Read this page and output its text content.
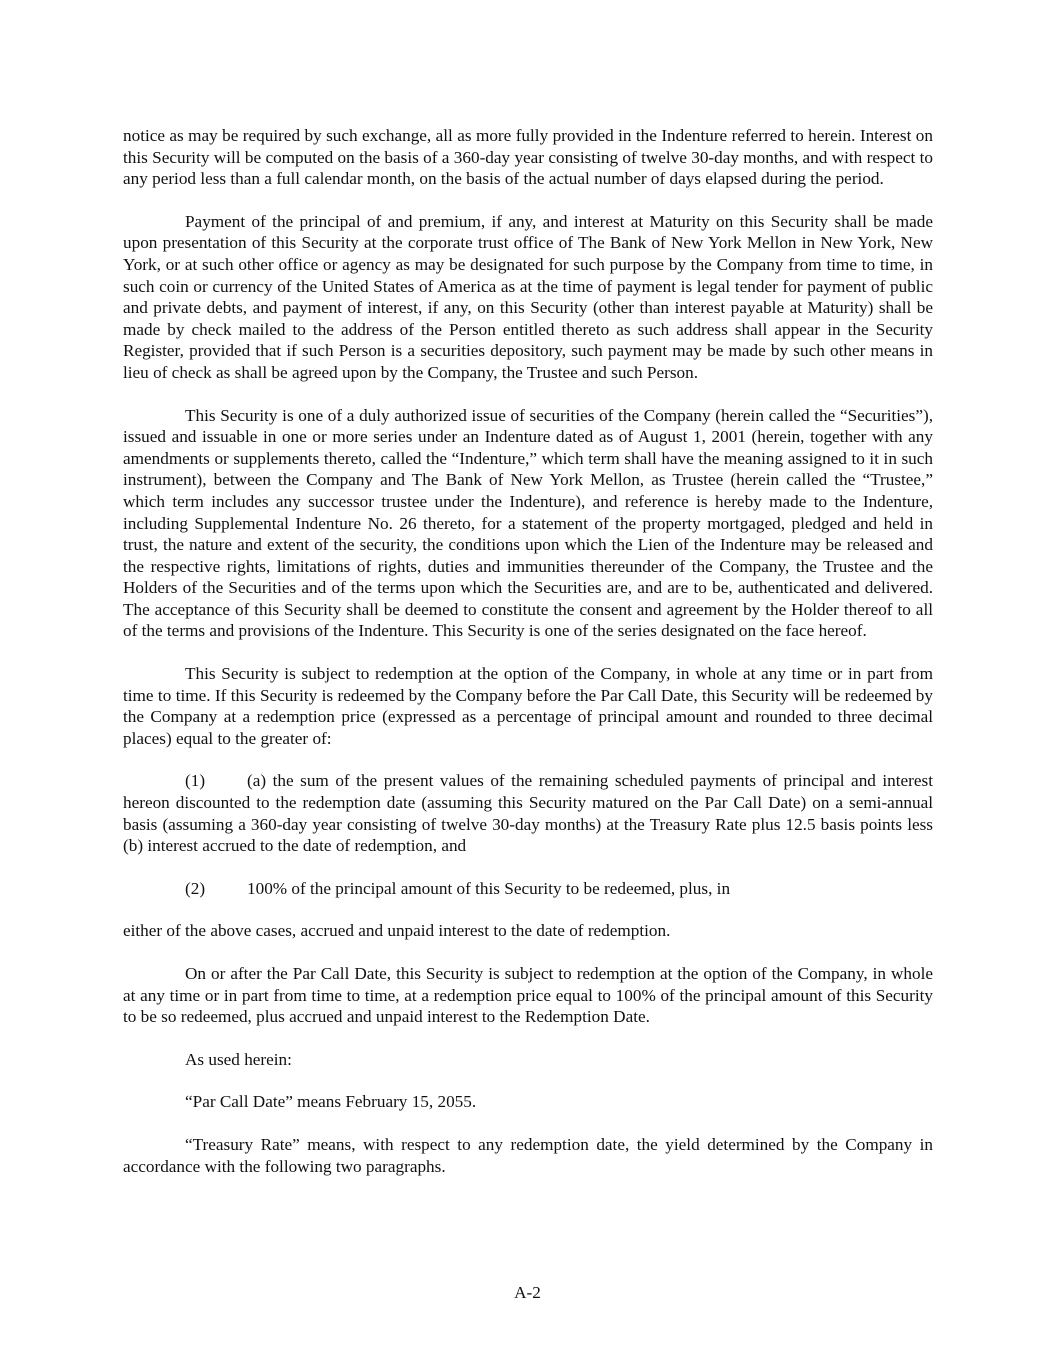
notice as may be required by such exchange, all as more fully provided in the Indenture referred to herein. Interest on this Security will be computed on the basis of a 360-day year consisting of twelve 30-day months, and with respect to any period less than a full calendar month, on the basis of the actual number of days elapsed during the period.

Payment of the principal of and premium, if any, and interest at Maturity on this Security shall be made upon presentation of this Security at the corporate trust office of The Bank of New York Mellon in New York, New York, or at such other office or agency as may be designated for such purpose by the Company from time to time, in such coin or currency of the United States of America as at the time of payment is legal tender for payment of public and private debts, and payment of interest, if any, on this Security (other than interest payable at Maturity) shall be made by check mailed to the address of the Person entitled thereto as such address shall appear in the Security Register, provided that if such Person is a securities depository, such payment may be made by such other means in lieu of check as shall be agreed upon by the Company, the Trustee and such Person.

This Security is one of a duly authorized issue of securities of the Company (herein called the “Securities”), issued and issuable in one or more series under an Indenture dated as of August 1, 2001 (herein, together with any amendments or supplements thereto, called the “Indenture,” which term shall have the meaning assigned to it in such instrument), between the Company and The Bank of New York Mellon, as Trustee (herein called the “Trustee,” which term includes any successor trustee under the Indenture), and reference is hereby made to the Indenture, including Supplemental Indenture No. 26 thereto, for a statement of the property mortgaged, pledged and held in trust, the nature and extent of the security, the conditions upon which the Lien of the Indenture may be released and the respective rights, limitations of rights, duties and immunities thereunder of the Company, the Trustee and the Holders of the Securities and of the terms upon which the Securities are, and are to be, authenticated and delivered. The acceptance of this Security shall be deemed to constitute the consent and agreement by the Holder thereof to all of the terms and provisions of the Indenture. This Security is one of the series designated on the face hereof.

This Security is subject to redemption at the option of the Company, in whole at any time or in part from time to time. If this Security is redeemed by the Company before the Par Call Date, this Security will be redeemed by the Company at a redemption price (expressed as a percentage of principal amount and rounded to three decimal places) equal to the greater of:

(1) (a) the sum of the present values of the remaining scheduled payments of principal and interest hereon discounted to the redemption date (assuming this Security matured on the Par Call Date) on a semi-annual basis (assuming a 360-day year consisting of twelve 30-day months) at the Treasury Rate plus 12.5 basis points less (b) interest accrued to the date of redemption, and

(2) 100% of the principal amount of this Security to be redeemed, plus, in

either of the above cases, accrued and unpaid interest to the date of redemption.

On or after the Par Call Date, this Security is subject to redemption at the option of the Company, in whole at any time or in part from time to time, at a redemption price equal to 100% of the principal amount of this Security to be so redeemed, plus accrued and unpaid interest to the Redemption Date.

As used herein:

“Par Call Date” means February 15, 2055.

“Treasury Rate” means, with respect to any redemption date, the yield determined by the Company in accordance with the following two paragraphs.

A-2
